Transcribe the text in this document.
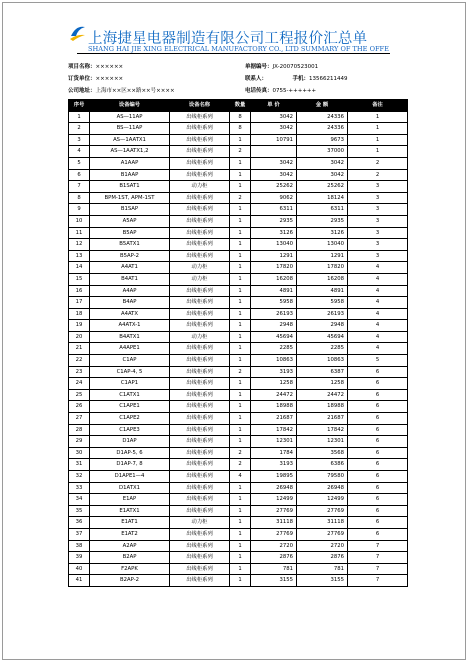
上海捷星电器制造有限公司工程报价汇总单
SHANG HAI JIE XING ELECTRICAL MANUFACTORY CO., LTD SUMMARY OF THE OFFE
项目名称：××××××	单据编号：JX-20070523001
订货单位：××××××	联系人：	手机：13566211449
公司地址：上海市××区××路××号××××	电话传真：0755-++++++
序号	设备编号	设备名称	数量	单 价	金 额	备注
1	AS—11AP	出线柜系列	8	3042	24336	1
2	BS—11AP	出线柜系列	8	3042	24336	1
3	AS—1AATX1	出线柜系列	1	10791	9673	1
4	AS—1AATX1,2	出线柜系列	2		37000	1
5	A1AAP	出线柜系列	1	3042	3042	2
6	B1AAP	出线柜系列	1	3042	3042	2
7	B1SAT1	动力柜	1	25262	25262	3
8	BPM-1ST, APM-1ST	出线柜系列	2	9062	18124	3
9	B1SAP	出线柜系列	1	6311	6311	3
10	A5AP	出线柜系列	1	2935	2935	3
11	B5AP	出线柜系列	1	3126	3126	3
12	B5ATX1	出线柜系列	1	13040	13040	3
13	B5AP-2	出线柜系列	1	1291	1291	3
14	A4AT1	动力柜	1	17820	17820	4
15	B4AT1	动力柜	1	16208	16208	4
16	A4AP	出线柜系列	1	4891	4891	4
17	B4AP	出线柜系列	1	5958	5958	4
18	A4ATX	出线柜系列	1	26193	26193	4
19	A4ATX-1	出线柜系列	1	2948	2948	4
20	B4ATX1	动力柜	1	45694	45694	4
21	A4APE1	出线柜系列	1	2285	2285	4
22	C1AP	出线柜系列	1	10863	10863	5
23	C1AP-4, 5	出线柜系列	2	3193	6387	6
24	C1AP1	出线柜系列	1	1258	1258	6
25	C1ATX1	出线柜系列	1	24472	24472	6
26	C1APE1	出线柜系列	1	18988	18988	6
27	C1APE2	出线柜系列	1	21687	21687	6
28	C1APE3	出线柜系列	1	17842	17842	6
29	D1AP	出线柜系列	1	12301	12301	6
30	D1AP-5, 6	出线柜系列	2	1784	3568	6
31	D1AP-7, 8	出线柜系列	2	3193	6386	6
32	D1APE1—4	出线柜系列	4	19895	79580	6
33	D1ATX1	出线柜系列	1	26948	26948	6
34	E1AP	出线柜系列	1	12499	12499	6
35	E1ATX1	出线柜系列	1	27769	27769	6
36	E1AT1	动力柜	1	31118	31118	6
37	E1AT2	出线柜系列	1	27769	27769	6
38	A2AP	出线柜系列	1	2720	2720	7
39	B2AP	出线柜系列	1	2876	2876	7
40	F2APK	出线柜系列	1	781	781	7
41	B2AP-2	出线柜系列	1	3155	3155	7
